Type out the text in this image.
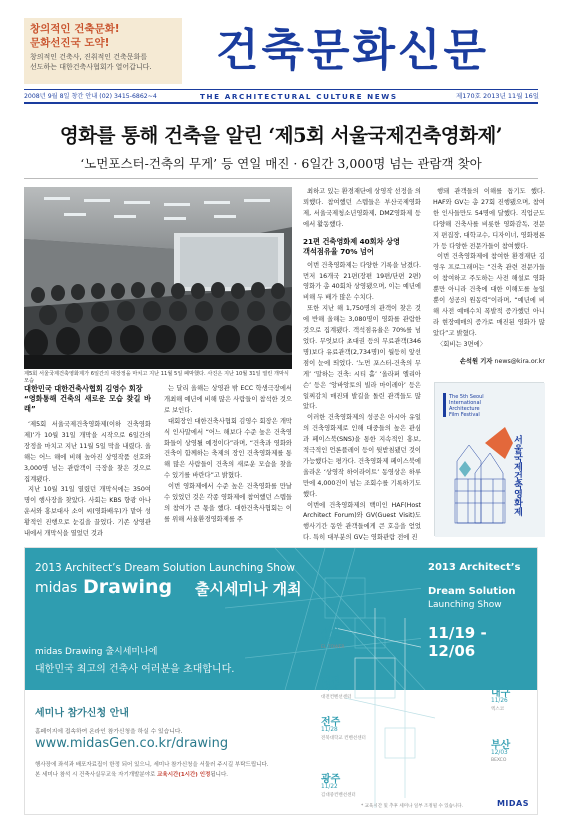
창의적인 건축문화!
문화선진국 도약!
창의적인 건축사, 진취적인 건축문화를
선도하는 대한건축사협회가 열어갑니다.	건축문화신문
2008년 9월 8일 창간 안내 (02) 3415-6862~4	THE ARCHITECTURAL CULTURE NEWS	제170호 2013년 11월 16일
영화를 통해 건축을 알린 ‘제5회 서울국제건축영화제’
‘노먼포스터-건축의 무게’ 등 연일 매진 · 6일간 3,000명 넘는 관람객 찾아
제5회 서울국제건축영화제가 6일간의 대장정을 마치고 지난 11월 5일 폐막했다. 사진은 지난 10월 31일 열린 개막식 모습

대한민국 대한건축사협회 김영수 회장

“영화통해 건축의 새로운 모습 찾길 바래”

‘제5회 서울국제건축영화제(이하 건축영화제)’가 10월 31일 개막을 시작으로 6일간의 장정을 마치고 지난 11월 5일 막을 내렸다. 올해는 어느 해에 비해 높아진 상영작품 선호와 3,000명 넘는 관람객이 극장을 찾은 것으로 집계됐다.

지난 10월 31일 열렸던 개막식에는 350여명이 행사장을 찾았다. 사회는 KBS 향광 아나운서와 홍보대사 소이 씨(영화배우)가 맡아 성황적인 진행으로 눈길을 끌었다. 기존 상영관 내에서 개막식을 열었던 것과

는 달리 올해는 상영관 밖 ECC 학생극장에서 개최해 예년에 비해 많은 사람들이 참석한 것으로 보인다.

대회장인 대한건축사협회 김영수 회장은 개막식 인사말에서 “어느 해보다 수준 높은 건축영화들이 상영될 예정이다”라며, “건축과 영화와 건축이 함께하는 축제의 장인 건축영화제를 통해 많은 사람들이 건축의 새로운 모습을 찾을 수 있기를 바란다”고 밝혔다.

이번 영화제에서 수준 높은 건축영화를 만날 수 있었던 것은 각종 영화제에 참여했던 스텝들의 참여가 큰 몫을 했다. 대한건축사협회는 이를 위해 서울환경영화제를 주

최하고 있는 환경재단에 상영작 선정을 의뢰했다. 참여했던 스텝들은 부산국제영화제, 서울국제청소년영화제, DMZ영화제 등에서 활동했다.

21편 건축영화제 40회차 상영

객석점유율 70% 넘어

이번 건축영화제는 다양한 기록을 남겼다. 먼저 16개국 21편(장편 19편/단편 2편) 영화가 총 40회차 상영됐으며, 이는 예년에 비해 두 배가 많은 수치다.

또한 지난 해 1,750명의 관객이 찾은 것에 반해 올해는 3,080명이 영화를 관람한 것으로 집계됐다. 객석점유율은 70%를 넘었다. 무엇보다 초대권 등의 무료관객(346명)보다 유료관객(2,734명)이 월등히 앞선 점이 눈에 띄었다. ‘노먼 포스터-건축의 무게’ ‘말하는 건축: 시티 홀’ ‘올라퍼 엘리아슨’ 등은 ‘앙바앙토의 빌라 마이레아’ 등은 일찌감치 매진돼 발길을 돌린 관객들도 많았다.

이러한 건축영화제의 성공은 아시아 유일의 건축영화제로 인해 대중들의 높은 관심과 페이스북(SNS)을 통한 지속적인 홍보, 적극적인 언론플레이 등이 뒷받침됐던 것이 가능했다는 평가다. 건축영화제 페이스북에 올라온 ‘상영작 하이라이트’ 동영상은 하루만에 4,000건이 넘는 조회수를 기록하기도 했다.

이번에 건축영화제의 백미인 HAF(Host Architect Forum)와 GV(Guest Visit)도 행사기간 동안 관객들에게 큰 호응을 얻었다. 특히 대부분의 GV는 영화관람 전에 진

행돼 관객들의 이해를 돕기도 했다. HAF와 GV는 총 27회 진행됐으며, 참여한 인사들만도 54명에 달했다. 직업군도 다양해 건축사를 비롯한 영화감독, 전문지 편집장, 대학교수, 디자이너, 영화평론가 등 다양한 전문가들이 참여했다.

이번 건축영화제에 참여한 환경재단 김영우 프로그래머는 “건축 관련 전문가들이 참여하고 주도하는 사전 해설로 영화뿐만 아니라 건축에 대한 이해도를 높일 뿐이 성공의 원동력”이라며, “예년에 비해 사전 예매수치 폭발적 증가했던 아니라 현장예매의 증가로 매진된 영화가 많았다”고 밝혔다.

〈회비는 3면에〉

손석원 기자 news@kira.or.kr
The 5th Seoul
International
Architecture
Film Festival
서울국제건축영화제
2013 Architect’s Dream Solution Launching Show
midas Drawing 출시세미나 개최
midas Drawing 출시세미나에
대한민국 최고의 건축사 여러분을 초대합니다.
세미나 참가신청 안내
홈페이지에 접속하여 온라인 참가신청을 하실 수 있습니다.
www.midasGen.co.kr/drawing
행사장에 좌석과 배포자료집이 한정 되어 있으니, 세미나 참가신청을 서둘러 주시길 부탁드립니다.
본 세미나 참석 시 건축사실무교육 자기개발분야로 교육시간(1시간) 인정됩니다.
서울
11/19
EL TOWER
대전
12/06
대전컨벤션센터
전주
11/28
전북대학교 컨벤션센터
광주
11/22
김대중컨벤션센터
대구
11/26
엑스코
부산
12/03
BEXCO
2013 Architect’s
Dream Solution
Launching Show
11/19 - 12/06
* 교육시간 및 추후 세미나 일부 조정될 수 있습니다.	MIDAS
